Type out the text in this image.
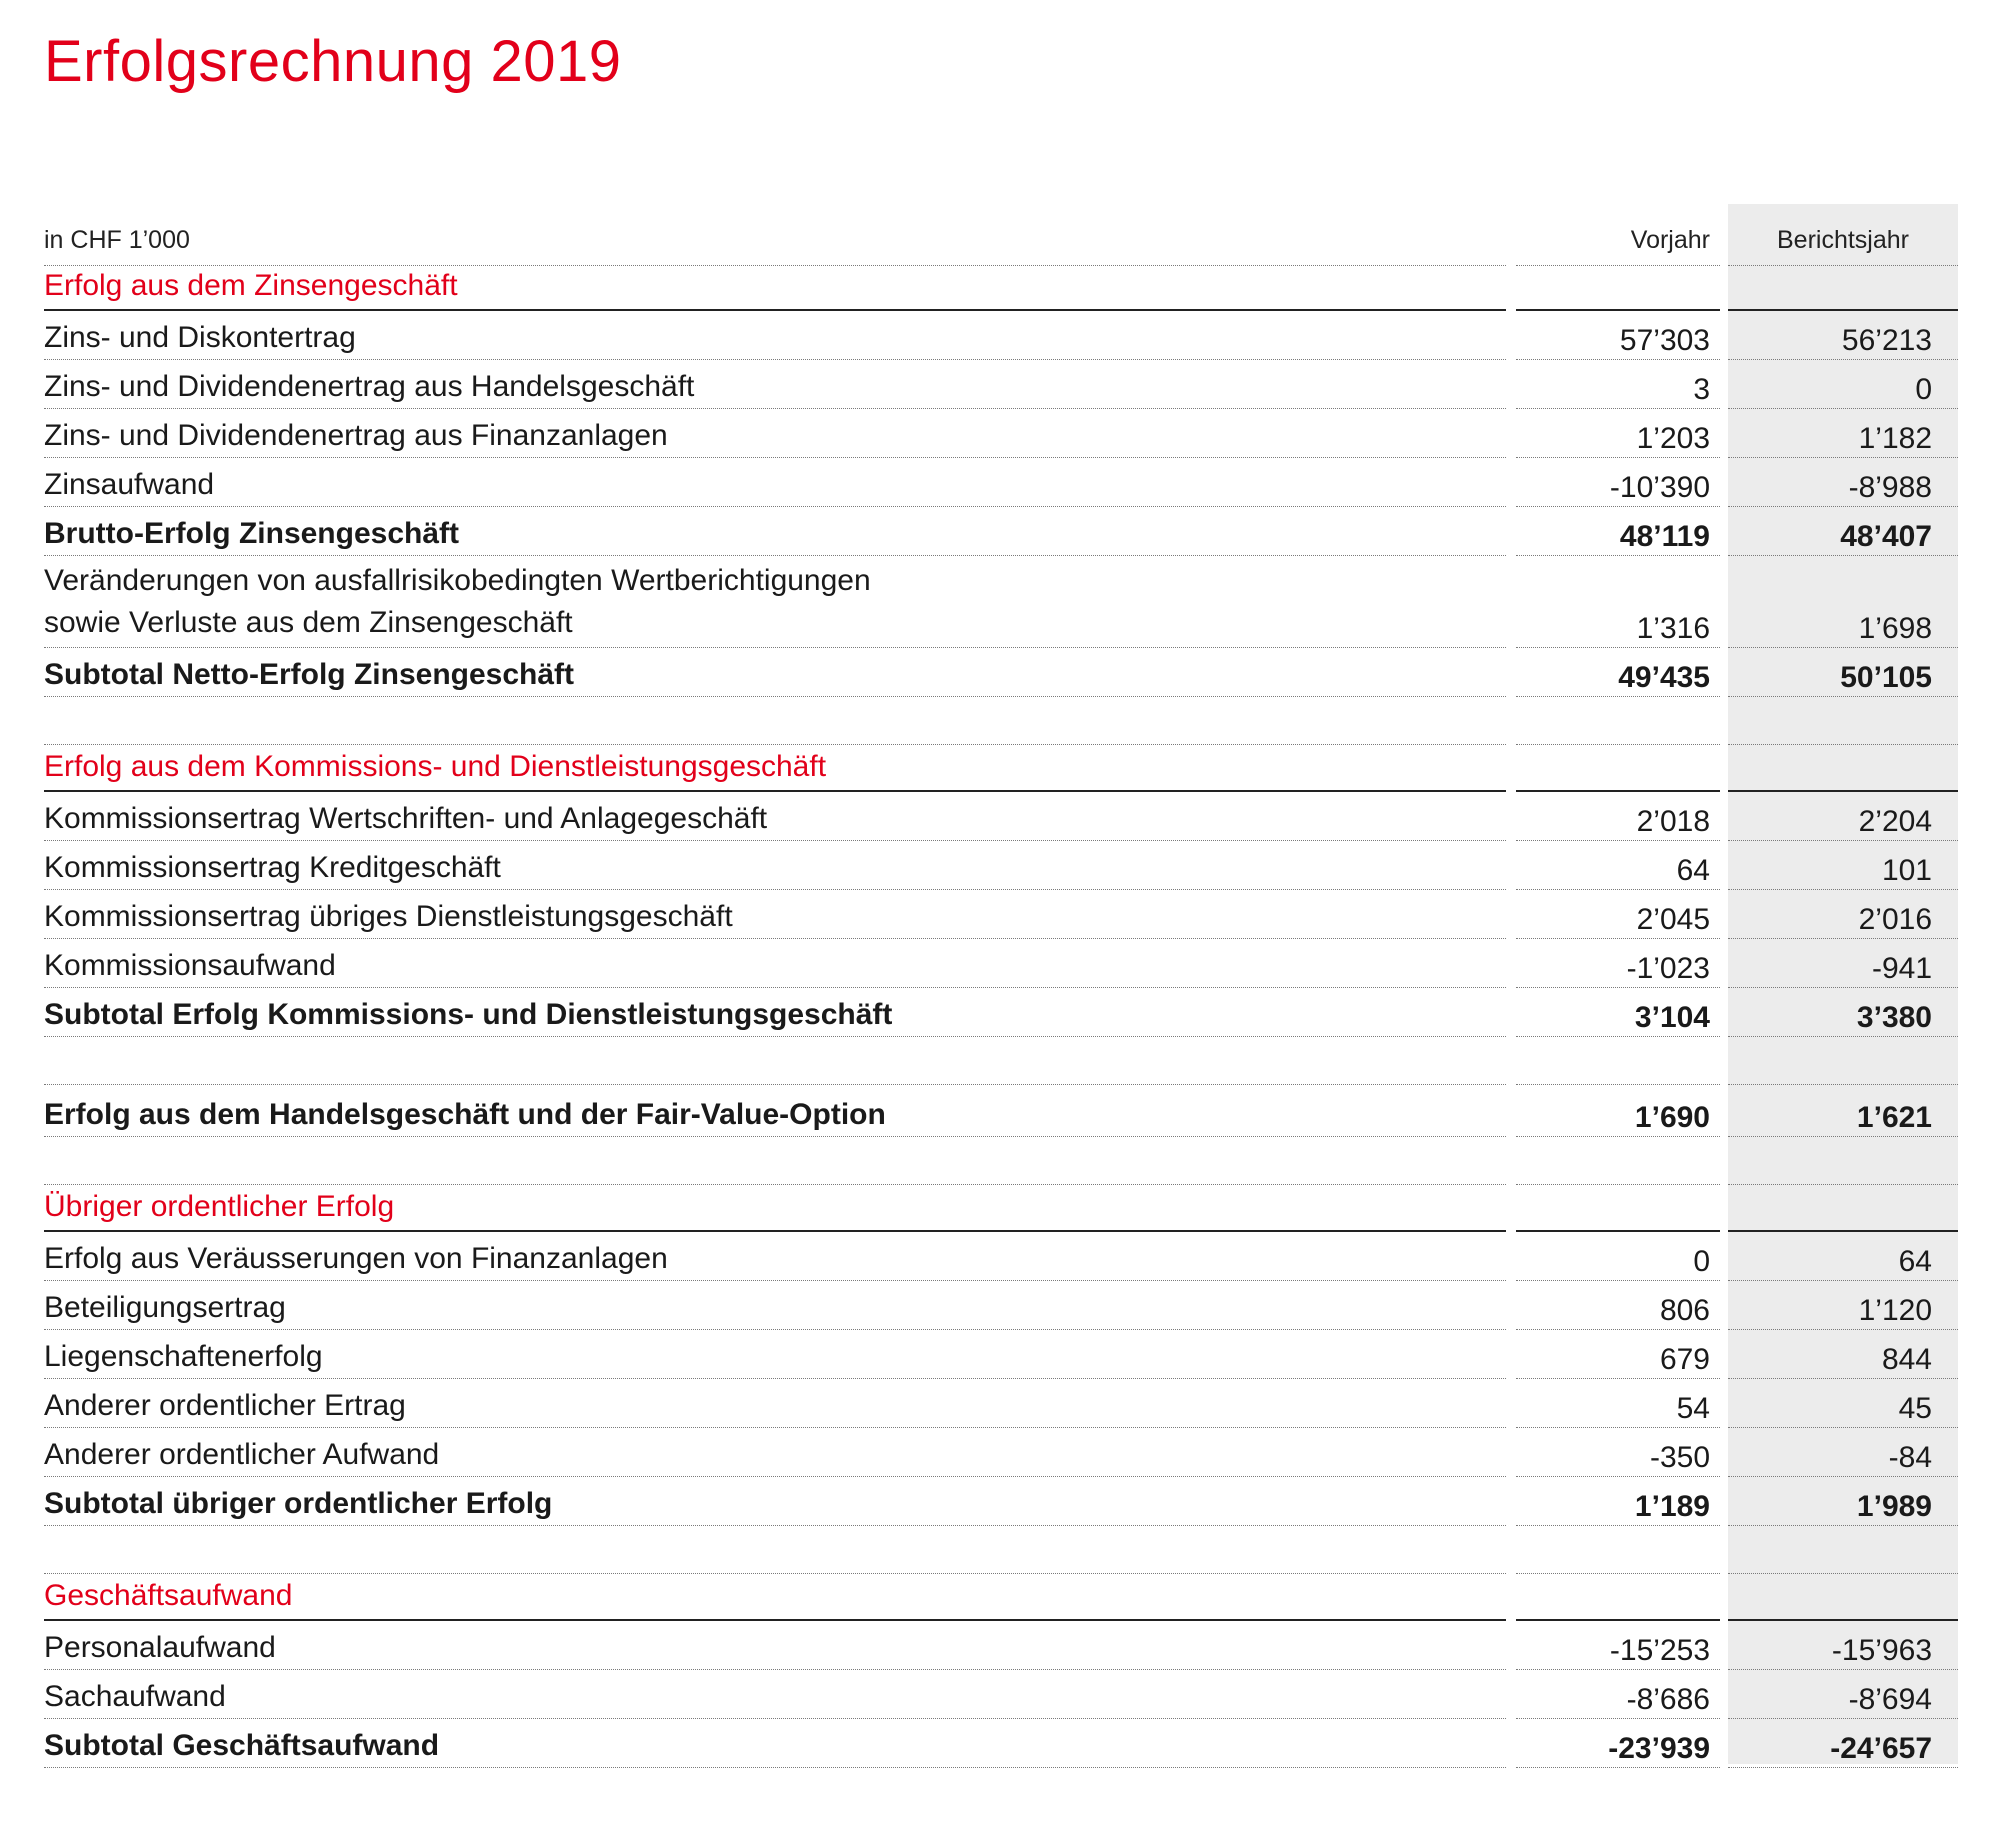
Erfolgsrechnung 2019
in CHF 1’000	Vorjahr	Berichtsjahr
Erfolg aus dem Zinsengeschäft
Zins- und Diskontertrag	57’303	56’213
Zins- und Dividendenertrag aus Handelsgeschäft	3	0
Zins- und Dividendenertrag aus Finanzanlagen	1’203	1’182
Zinsaufwand	-10’390	-8’988
Brutto-Erfolg Zinsengeschäft	48’119	48’407
Veränderungen von ausfallrisikobedingten Wertberichtigungen
sowie Verluste aus dem Zinsengeschäft	1’316	1’698
Subtotal Netto-Erfolg Zinsengeschäft	49’435	50’105
Erfolg aus dem Kommissions- und Dienstleistungsgeschäft
Kommissionsertrag Wertschriften- und Anlagegeschäft	2’018	2’204
Kommissionsertrag Kreditgeschäft	64	101
Kommissionsertrag übriges Dienstleistungsgeschäft	2’045	2’016
Kommissionsaufwand	-1’023	-941
Subtotal Erfolg Kommissions- und Dienstleistungsgeschäft	3’104	3’380
Erfolg aus dem Handelsgeschäft und der Fair-Value-Option	1’690	1’621
Übriger ordentlicher Erfolg
Erfolg aus Veräusserungen von Finanzanlagen	0	64
Beteiligungsertrag	806	1’120
Liegenschaftenerfolg	679	844
Anderer ordentlicher Ertrag	54	45
Anderer ordentlicher Aufwand	-350	-84
Subtotal übriger ordentlicher Erfolg	1’189	1’989
Geschäftsaufwand
Personalaufwand	-15’253	-15’963
Sachaufwand	-8’686	-8’694
Subtotal Geschäftsaufwand	-23’939	-24’657
